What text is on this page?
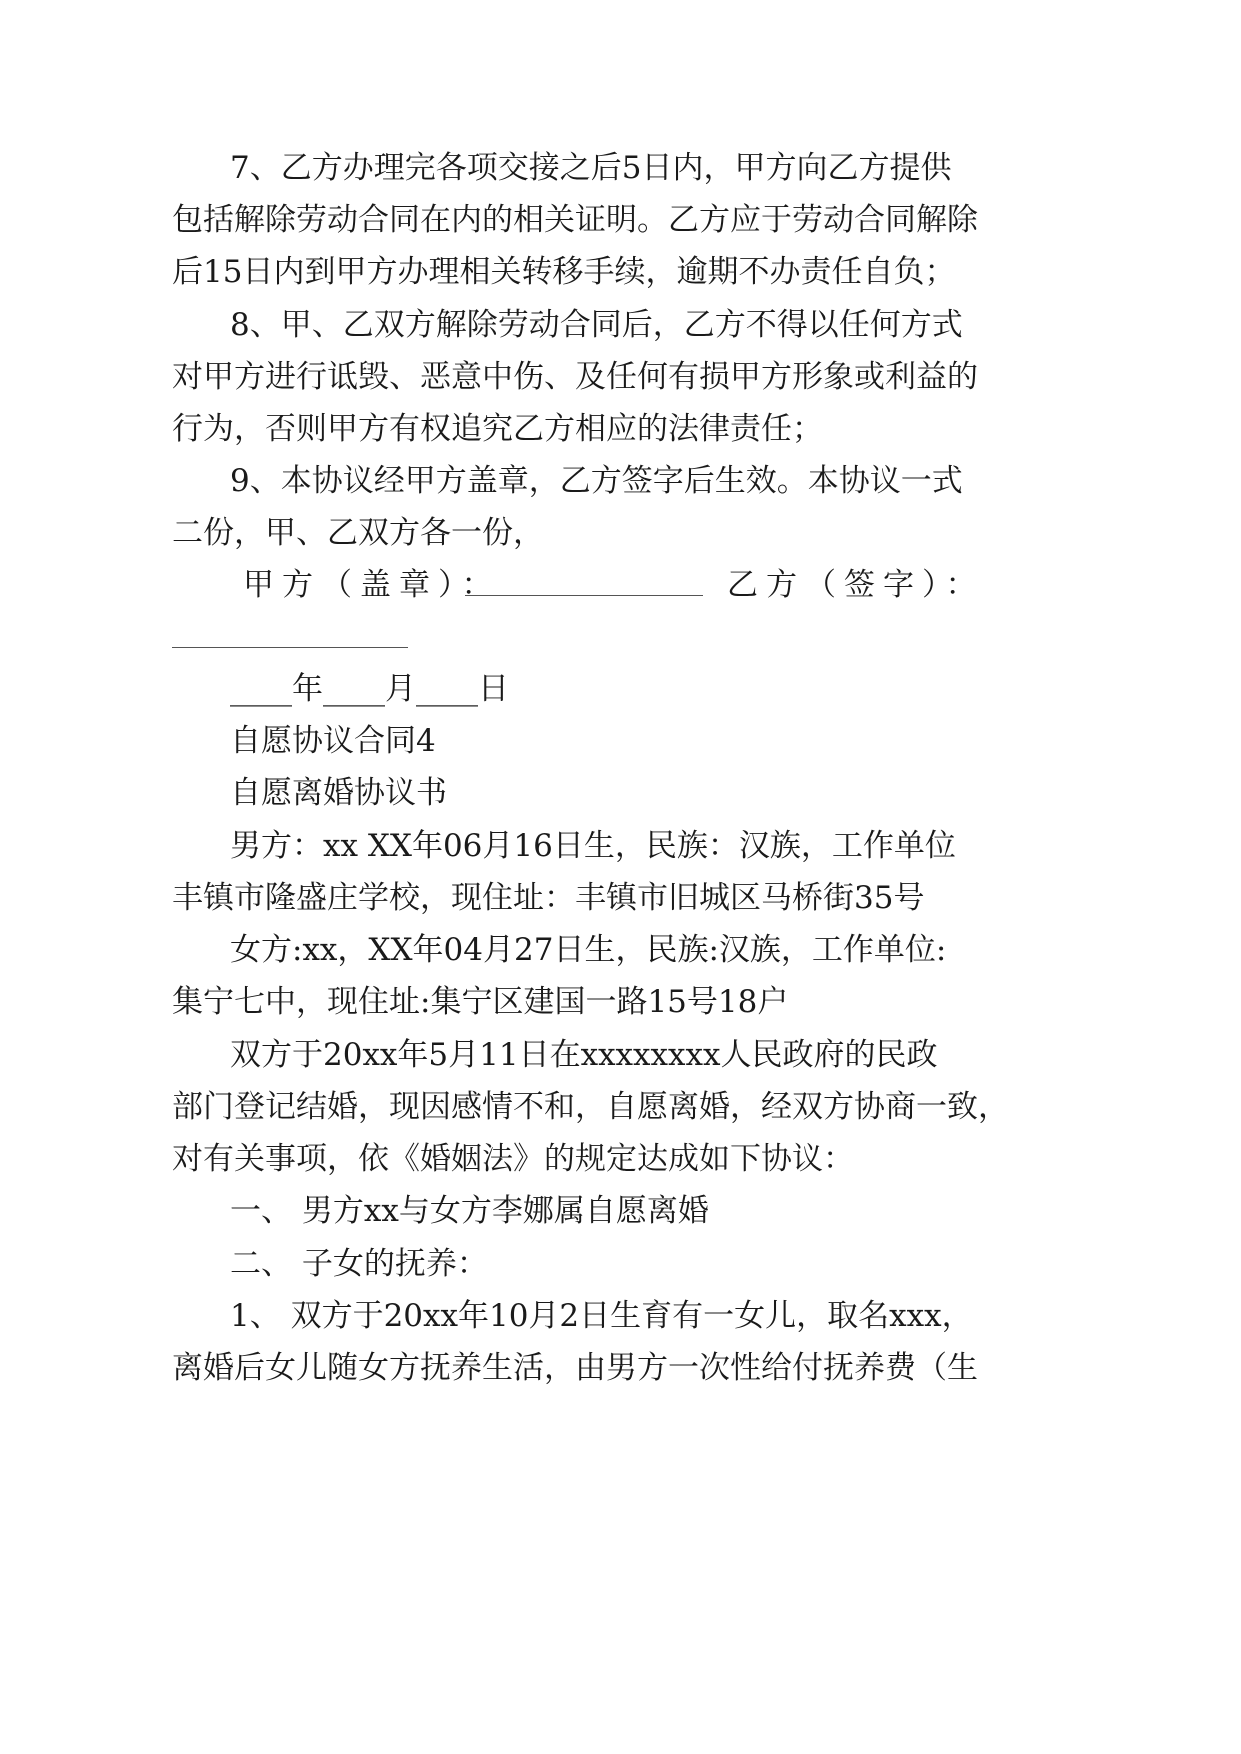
7、乙方办理完各项交接之后5日内，甲方向乙方提供
包括解除劳动合同在内的相关证明。乙方应于劳动合同解除
后15日内到甲方办理相关转移手续，逾期不办责任自负；
8、甲、乙双方解除劳动合同后，乙方不得以任何方式
对甲方进行诋毁、恶意中伤、及任何有损甲方形象或利益的
行为，否则甲方有权追究乙方相应的法律责任；
9、本协议经甲方盖章，乙方签字后生效。本协议一式
二份，甲、乙双方各一份，
甲方（盖章）：	乙方（签字）：
____年____月____日
自愿协议合同4
自愿离婚协议书
男方：xx XX年06月16日生，民族：汉族，工作单位
丰镇市隆盛庄学校，现住址：丰镇市旧城区马桥街35号
女方:xx，XX年04月27日生，民族:汉族，工作单位:
集宁七中，现住址:集宁区建国一路15号18户
双方于20xx年5月11日在xxxxxxxx人民政府的民政
部门登记结婚，现因感情不和，自愿离婚，经双方协商一致，
对有关事项，依《婚姻法》的规定达成如下协议：
一、 男方xx与女方李娜属自愿离婚
二、 子女的抚养：
1、 双方于20xx年10月2日生育有一女儿，取名xxx，
离婚后女儿随女方抚养生活，由男方一次性给付抚养费（生
